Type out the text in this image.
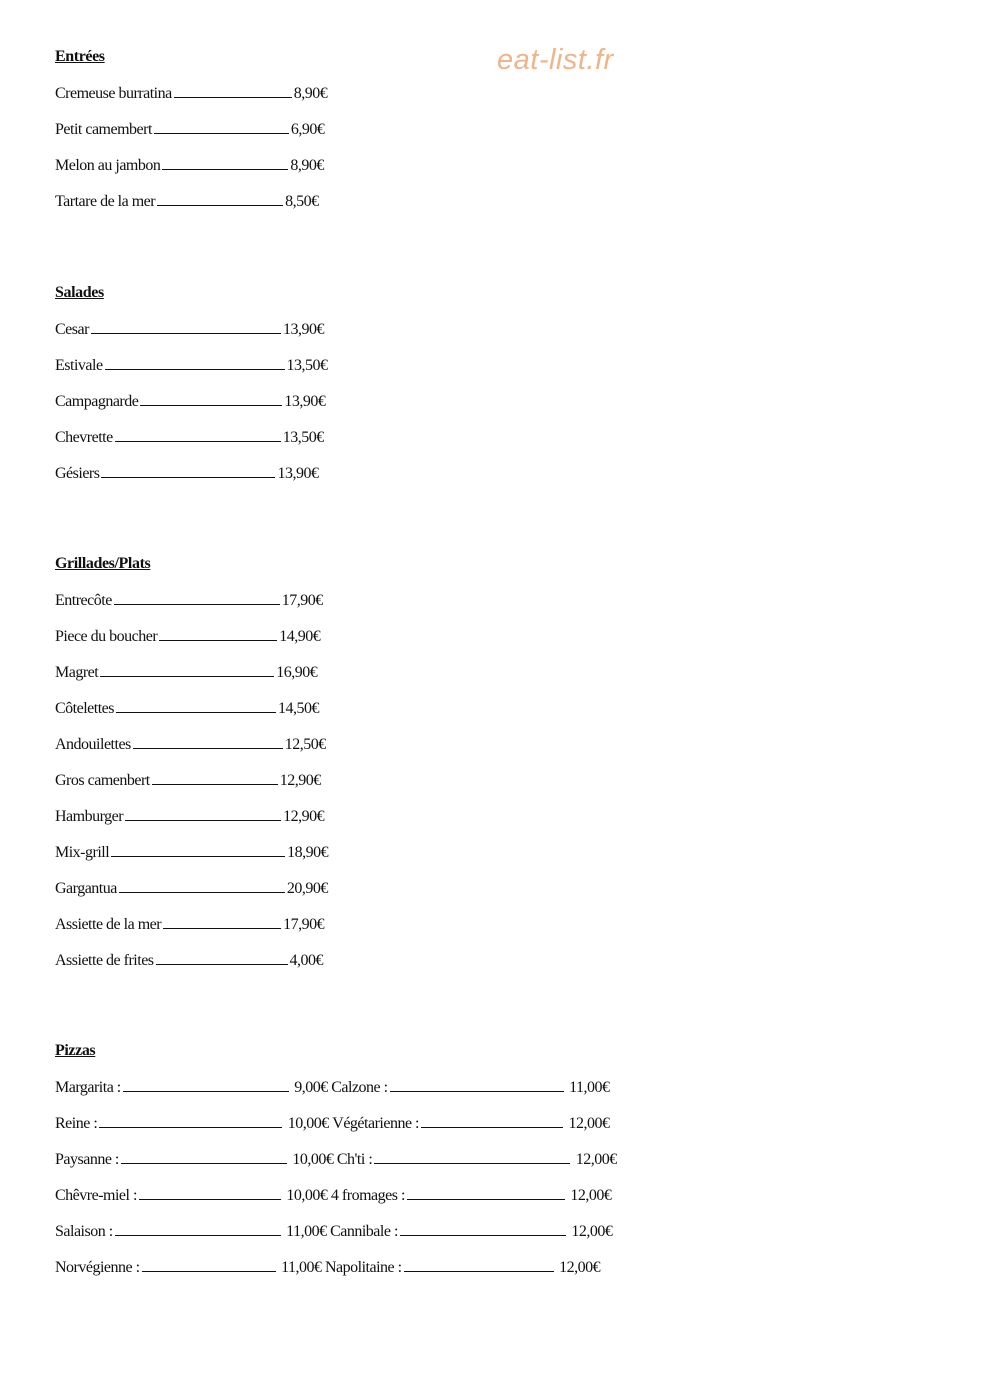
eat-list.fr
Entrées
Cremeuse burratina	8,90€
Petit camembert	6,90€
Melon au jambon	8,90€
Tartare de la mer	8,50€
Salades
Cesar	13,90€
Estivale	13,50€
Campagnarde	13,90€
Chevrette	13,50€
Gésiers	13,90€
Grillades/Plats
Entrecôte	17,90€
Piece du boucher	14,90€
Magret	16,90€
Côtelettes	14,50€
Andouilettes	12,50€
Gros camenbert	12,90€
Hamburger	12,90€
Mix-grill	18,90€
Gargantua	20,90€
Assiette de la mer	17,90€
Assiette de frites	4,00€
Pizzas
Margarita :	9,00€ Calzone :	11,00€
Reine :	10,00€ Végétarienne :	12,00€
Paysanne :	10,00€ Ch'ti :	12,00€
Chêvre-miel :	10,00€ 4 fromages :	12,00€
Salaison :	11,00€ Cannibale :	12,00€
Norvégienne :	11,00€ Napolitaine :	12,00€
